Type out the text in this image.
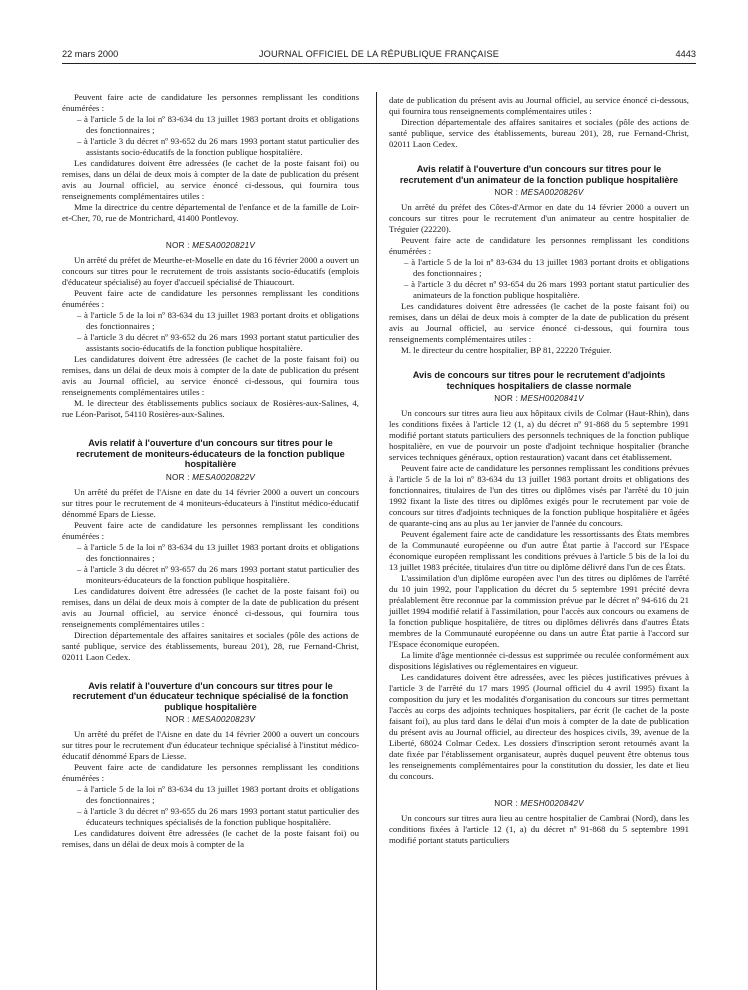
22 mars 2000	JOURNAL OFFICIEL DE LA RÉPUBLIQUE FRANÇAISE	4443

Peuvent faire acte de candidature les personnes remplissant les conditions énumérées :

– à l'article 5 de la loi nº 83-634 du 13 juillet 1983 portant droits et obligations des fonctionnaires ;
– à l'article 3 du décret nº 93-652 du 26 mars 1993 portant statut particulier des assistants socio-éducatifs de la fonction publique hospitalière.

Les candidatures doivent être adressées (le cachet de la poste faisant foi) ou remises, dans un délai de deux mois à compter de la date de publication du présent avis au Journal officiel, au service énoncé ci-dessous, qui fournira tous renseignements complémentaires utiles :

Mme la directrice du centre départemental de l'enfance et de la famille de Loir-et-Cher, 70, rue de Montrichard, 41400 Pontlevoy.

NOR : MESA0020821V

Un arrêté du préfet de Meurthe-et-Moselle en date du 16 février 2000 a ouvert un concours sur titres pour le recrutement de trois assistants socio-éducatifs (emplois d'éducateur spécialisé) au foyer d'accueil spécialisé de Thiaucourt.

Peuvent faire acte de candidature les personnes remplissant les conditions énumérées :

– à l'article 5 de la loi nº 83-634 du 13 juillet 1983 portant droits et obligations des fonctionnaires ;
– à l'article 3 du décret nº 93-652 du 26 mars 1993 portant statut particulier des assistants socio-éducatifs de la fonction publique hospitalière.

Les candidatures doivent être adressées (le cachet de la poste faisant foi) ou remises, dans un délai de deux mois à compter de la date de publication du présent avis au Journal officiel, au service énoncé ci-dessous, qui fournira tous renseignements complémentaires utiles :

M. le directeur des établissements publics sociaux de Rosières-aux-Salines, 4, rue Léon-Parisot, 54110 Rosières-aux-Salines.

Avis relatif à l'ouverture d'un concours sur titres pour le recrutement de moniteurs-éducateurs de la fonction publique hospitalière
NOR : MESA0020822V

Un arrêté du préfet de l'Aisne en date du 14 février 2000 a ouvert un concours sur titres pour le recrutement de 4 moniteurs-éducateurs à l'institut médico-éducatif dénommé Epars de Liesse.

Peuvent faire acte de candidature les personnes remplissant les conditions énumérées :

– à l'article 5 de la loi nº 83-634 du 13 juillet 1983 portant droits et obligations des fonctionnaires ;
– à l'article 3 du décret nº 93-657 du 26 mars 1993 portant statut particulier des moniteurs-éducateurs de la fonction publique hospitalière.

Les candidatures doivent être adressées (le cachet de la poste faisant foi) ou remises, dans un délai de deux mois à compter de la date de publication du présent avis au Journal officiel, au service énoncé ci-dessous, qui fournira tous renseignements complémentaires utiles :

Direction départementale des affaires sanitaires et sociales (pôle des actions de santé publique, service des établissements, bureau 201), 28, rue Fernand-Christ, 02011 Laon Cedex.

Avis relatif à l'ouverture d'un concours sur titres pour le recrutement d'un éducateur technique spécialisé de la fonction publique hospitalière
NOR : MESA0020823V

Un arrêté du préfet de l'Aisne en date du 14 février 2000 a ouvert un concours sur titres pour le recrutement d'un éducateur technique spécialisé à l'institut médico-éducatif dénommé Epars de Liesse.

Peuvent faire acte de candidature les personnes remplissant les conditions énumérées :

– à l'article 5 de la loi nº 83-634 du 13 juillet 1983 portant droits et obligations des fonctionnaires ;
– à l'article 3 du décret nº 93-655 du 26 mars 1993 portant statut particulier des éducateurs techniques spécialisés de la fonction publique hospitalière.

Les candidatures doivent être adressées (le cachet de la poste faisant foi) ou remises, dans un délai de deux mois à compter de la

date de publication du présent avis au Journal officiel, au service énoncé ci-dessous, qui fournira tous renseignements complémentaires utiles :

Direction départementale des affaires sanitaires et sociales (pôle des actions de santé publique, service des établissements, bureau 201), 28, rue Fernand-Christ, 02011 Laon Cedex.

Avis relatif à l'ouverture d'un concours sur titres pour le recrutement d'un animateur de la fonction publique hospitalière
NOR : MESA0020826V

Un arrêté du préfet des Côtes-d'Armor en date du 14 février 2000 a ouvert un concours sur titres pour le recrutement d'un animateur au centre hospitalier de Tréguier (22220).

Peuvent faire acte de candidature les personnes remplissant les conditions énumérées :

– à l'article 5 de la loi nº 83-634 du 13 juillet 1983 portant droits et obligations des fonctionnaires ;
– à l'article 3 du décret nº 93-654 du 26 mars 1993 portant statut particulier des animateurs de la fonction publique hospitalière.

Les candidatures doivent être adressées (le cachet de la poste faisant foi) ou remises, dans un délai de deux mois à compter de la date de publication du présent avis au Journal officiel, au service énoncé ci-dessous, qui fournira tous renseignements complémentaires utiles :

M. le directeur du centre hospitalier, BP 81, 22220 Tréguier.

Avis de concours sur titres pour le recrutement d'adjoints techniques hospitaliers de classe normale
NOR : MESH0020841V

Un concours sur titres aura lieu aux hôpitaux civils de Colmar (Haut-Rhin), dans les conditions fixées à l'article 12 (1, a) du décret nº 91-868 du 5 septembre 1991 modifié portant statuts particuliers des personnels techniques de la fonction publique hospitalière, en vue de pourvoir un poste d'adjoint technique hospitalier (branche services techniques généraux, option restauration) vacant dans cet établissement.

Peuvent faire acte de candidature les personnes remplissant les conditions prévues à l'article 5 de la loi nº 83-634 du 13 juillet 1983 portant droits et obligations des fonctionnaires, titulaires de l'un des titres ou diplômes visés par l'arrêté du 10 juin 1992 fixant la liste des titres ou diplômes exigés pour le recrutement par voie de concours sur titres d'adjoints techniques de la fonction publique hospitalière et âgées de quarante-cinq ans au plus au 1er janvier de l'année du concours.

Peuvent également faire acte de candidature les ressortissants des États membres de la Communauté européenne ou d'un autre État partie à l'accord sur l'Espace économique européen remplissant les conditions prévues à l'article 5 bis de la loi du 13 juillet 1983 précitée, titulaires d'un titre ou diplôme délivré dans l'un de ces États.

L'assimilation d'un diplôme européen avec l'un des titres ou diplômes de l'arrêté du 10 juin 1992, pour l'application du décret du 5 septembre 1991 précité devra préalablement être reconnue par la commission prévue par le décret nº 94-616 du 21 juillet 1994 modifié relatif à l'assimilation, pour l'accès aux concours ou examens de la fonction publique hospitalière, de titres ou diplômes délivrés dans d'autres États membres de la Communauté européenne ou dans un autre État partie à l'accord sur l'Espace économique européen.

La limite d'âge mentionnée ci-dessus est supprimée ou reculée conformément aux dispositions législatives ou réglementaires en vigueur.

Les candidatures doivent être adressées, avec les pièces justificatives prévues à l'article 3 de l'arrêté du 17 mars 1995 (Journal officiel du 4 avril 1995) fixant la composition du jury et les modalités d'organisation du concours sur titres permettant l'accès au corps des adjoints techniques hospitaliers, par écrit (le cachet de la poste faisant foi), au plus tard dans le délai d'un mois à compter de la date de publication du présent avis au Journal officiel, au directeur des hospices civils, 39, avenue de la Liberté, 68024 Colmar Cedex. Les dossiers d'inscription seront retournés avant la date fixée par l'établissement organisateur, auprès duquel peuvent être obtenus tous les renseignements complémentaires pour la constitution du dossier, les date et lieu du concours.

NOR : MESH0020842V

Un concours sur titres aura lieu au centre hospitalier de Cambrai (Nord), dans les conditions fixées à l'article 12 (1, a) du décret nº 91-868 du 5 septembre 1991 modifié portant statuts particuliers
